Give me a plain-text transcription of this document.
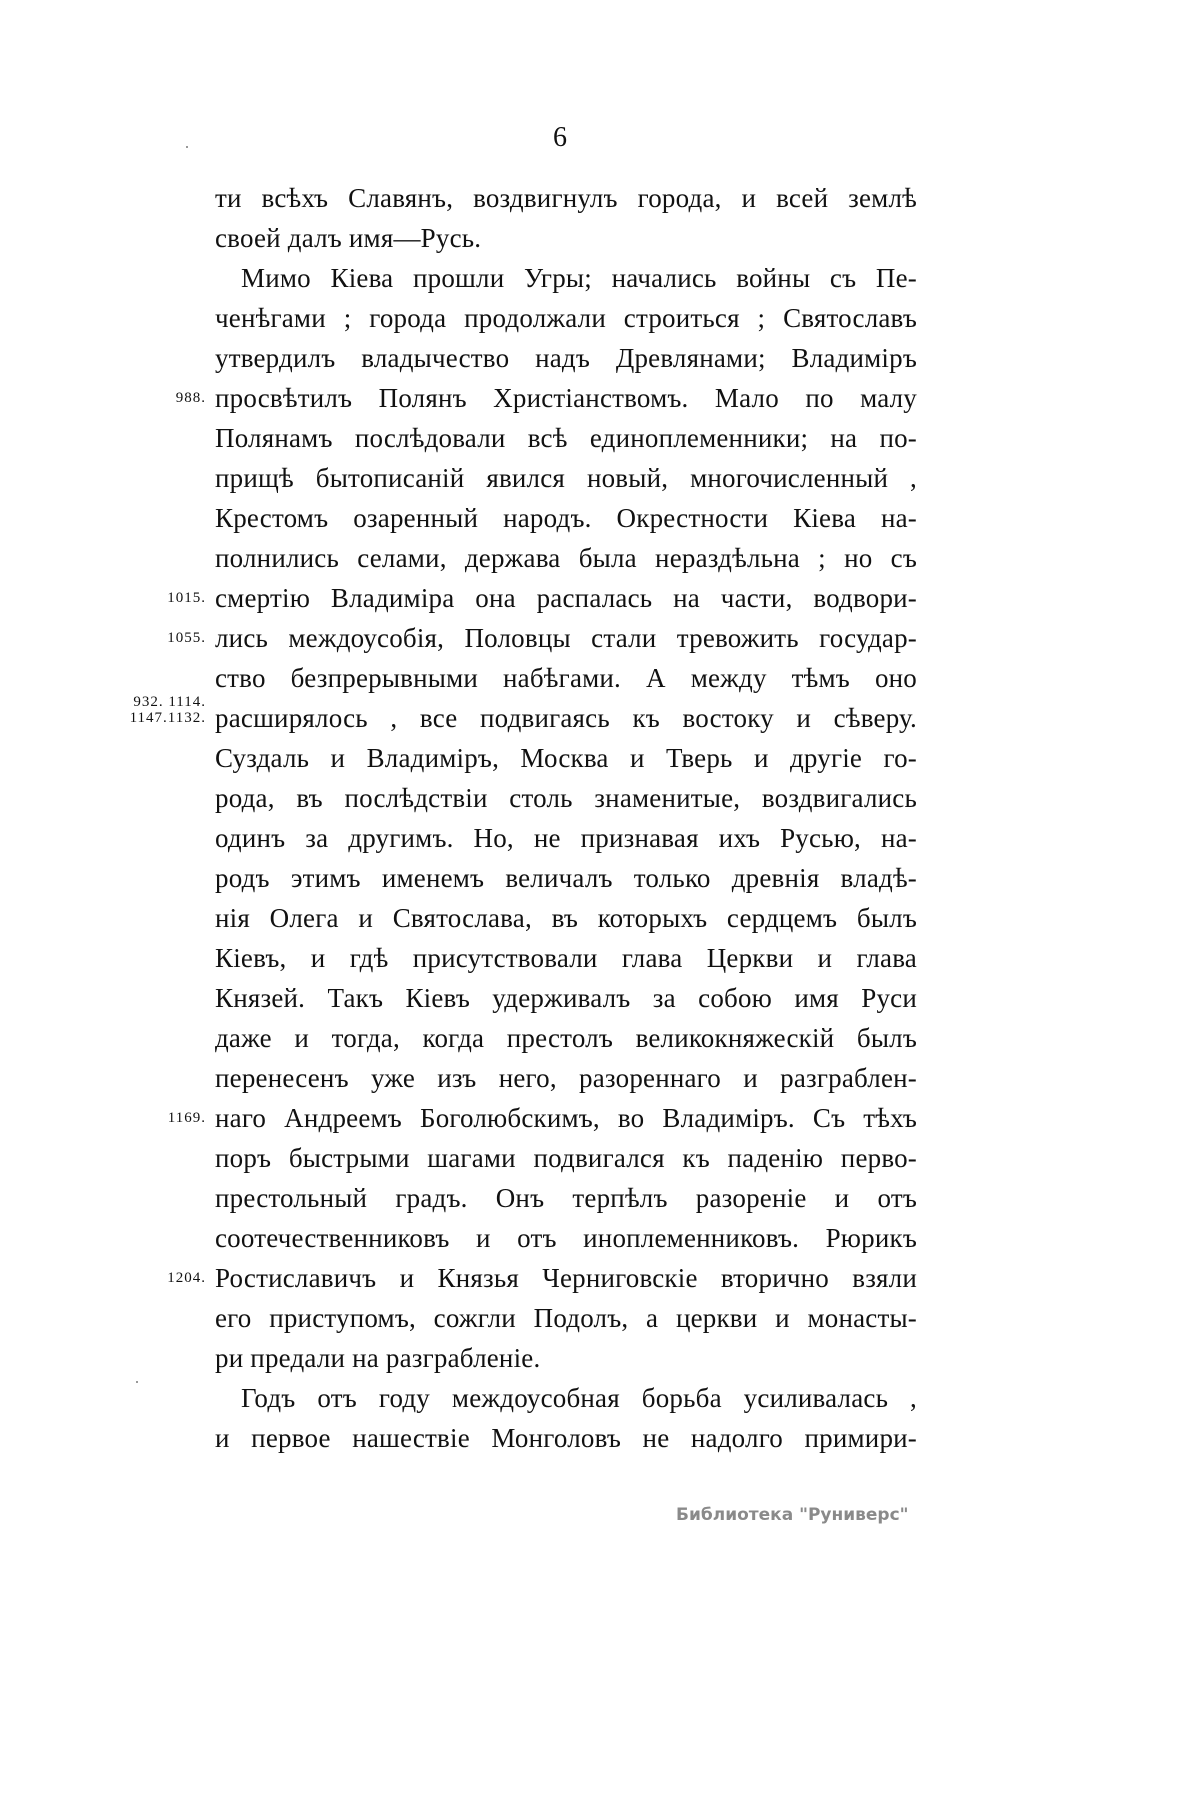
6
ти всѣхъ Славянъ, воздвигнулъ города, и всей землѣ
своей далъ имя—Русь.
Мимо Кіева прошли Угры; начались войны съ Пе-
ченѣгами ; города продолжали строиться ; Святославъ
утвердилъ владычество надъ Древлянами; Владиміръ
просвѣтилъ Полянъ Христіанствомъ. Мало по малу
Полянамъ послѣдовали всѣ единоплеменники; на по-
прищѣ бытописаній явился новый, многочисленный ,
Крестомъ озаренный народъ. Окрестности Кіева на-
полнились селами, держава была нераздѣльна ; но съ
смертію Владиміра она распалась на части, водвори-
лись междоусобія, Половцы стали тревожить государ-
ство безпрерывными набѣгами. А между тѣмъ оно
расширялось , все подвигаясь къ востоку и сѣверу.
Суздаль и Владиміръ, Москва и Тверь и другіе го-
рода, въ послѣдствіи столь знаменитые, воздвигались
одинъ за другимъ. Но, не признавая ихъ Русью, на-
родъ этимъ именемъ величалъ только древнія владѣ-
нія Олега и Святослава, въ которыхъ сердцемъ былъ
Кіевъ, и гдѣ присутствовали глава Церкви и глава
Князей. Такъ Кіевъ удерживалъ за собою имя Руси
даже и тогда, когда престолъ великокняжескій былъ
перенесенъ уже изъ него, разореннаго и разграблен-
наго Андреемъ Боголюбскимъ, во Владиміръ. Съ тѣхъ
поръ быстрыми шагами подвигался къ паденію перво-
престольный градъ. Онъ терпѣлъ разореніе и отъ
соотечественниковъ и отъ иноплеменниковъ. Рюрикъ
Ростиславичъ и Князья Черниговскіе вторично взяли
его приступомъ, сожгли Подолъ, а церкви и монасты-
ри предали на разграбленіе.
Годъ отъ году междоусобная борьба усиливалась ,
и первое нашествіе Монголовъ не надолго примири-
988.
1015.
1055.
932. 1114.
1147.1132.
1169.
1204.
Библиотека "Руниверс"
